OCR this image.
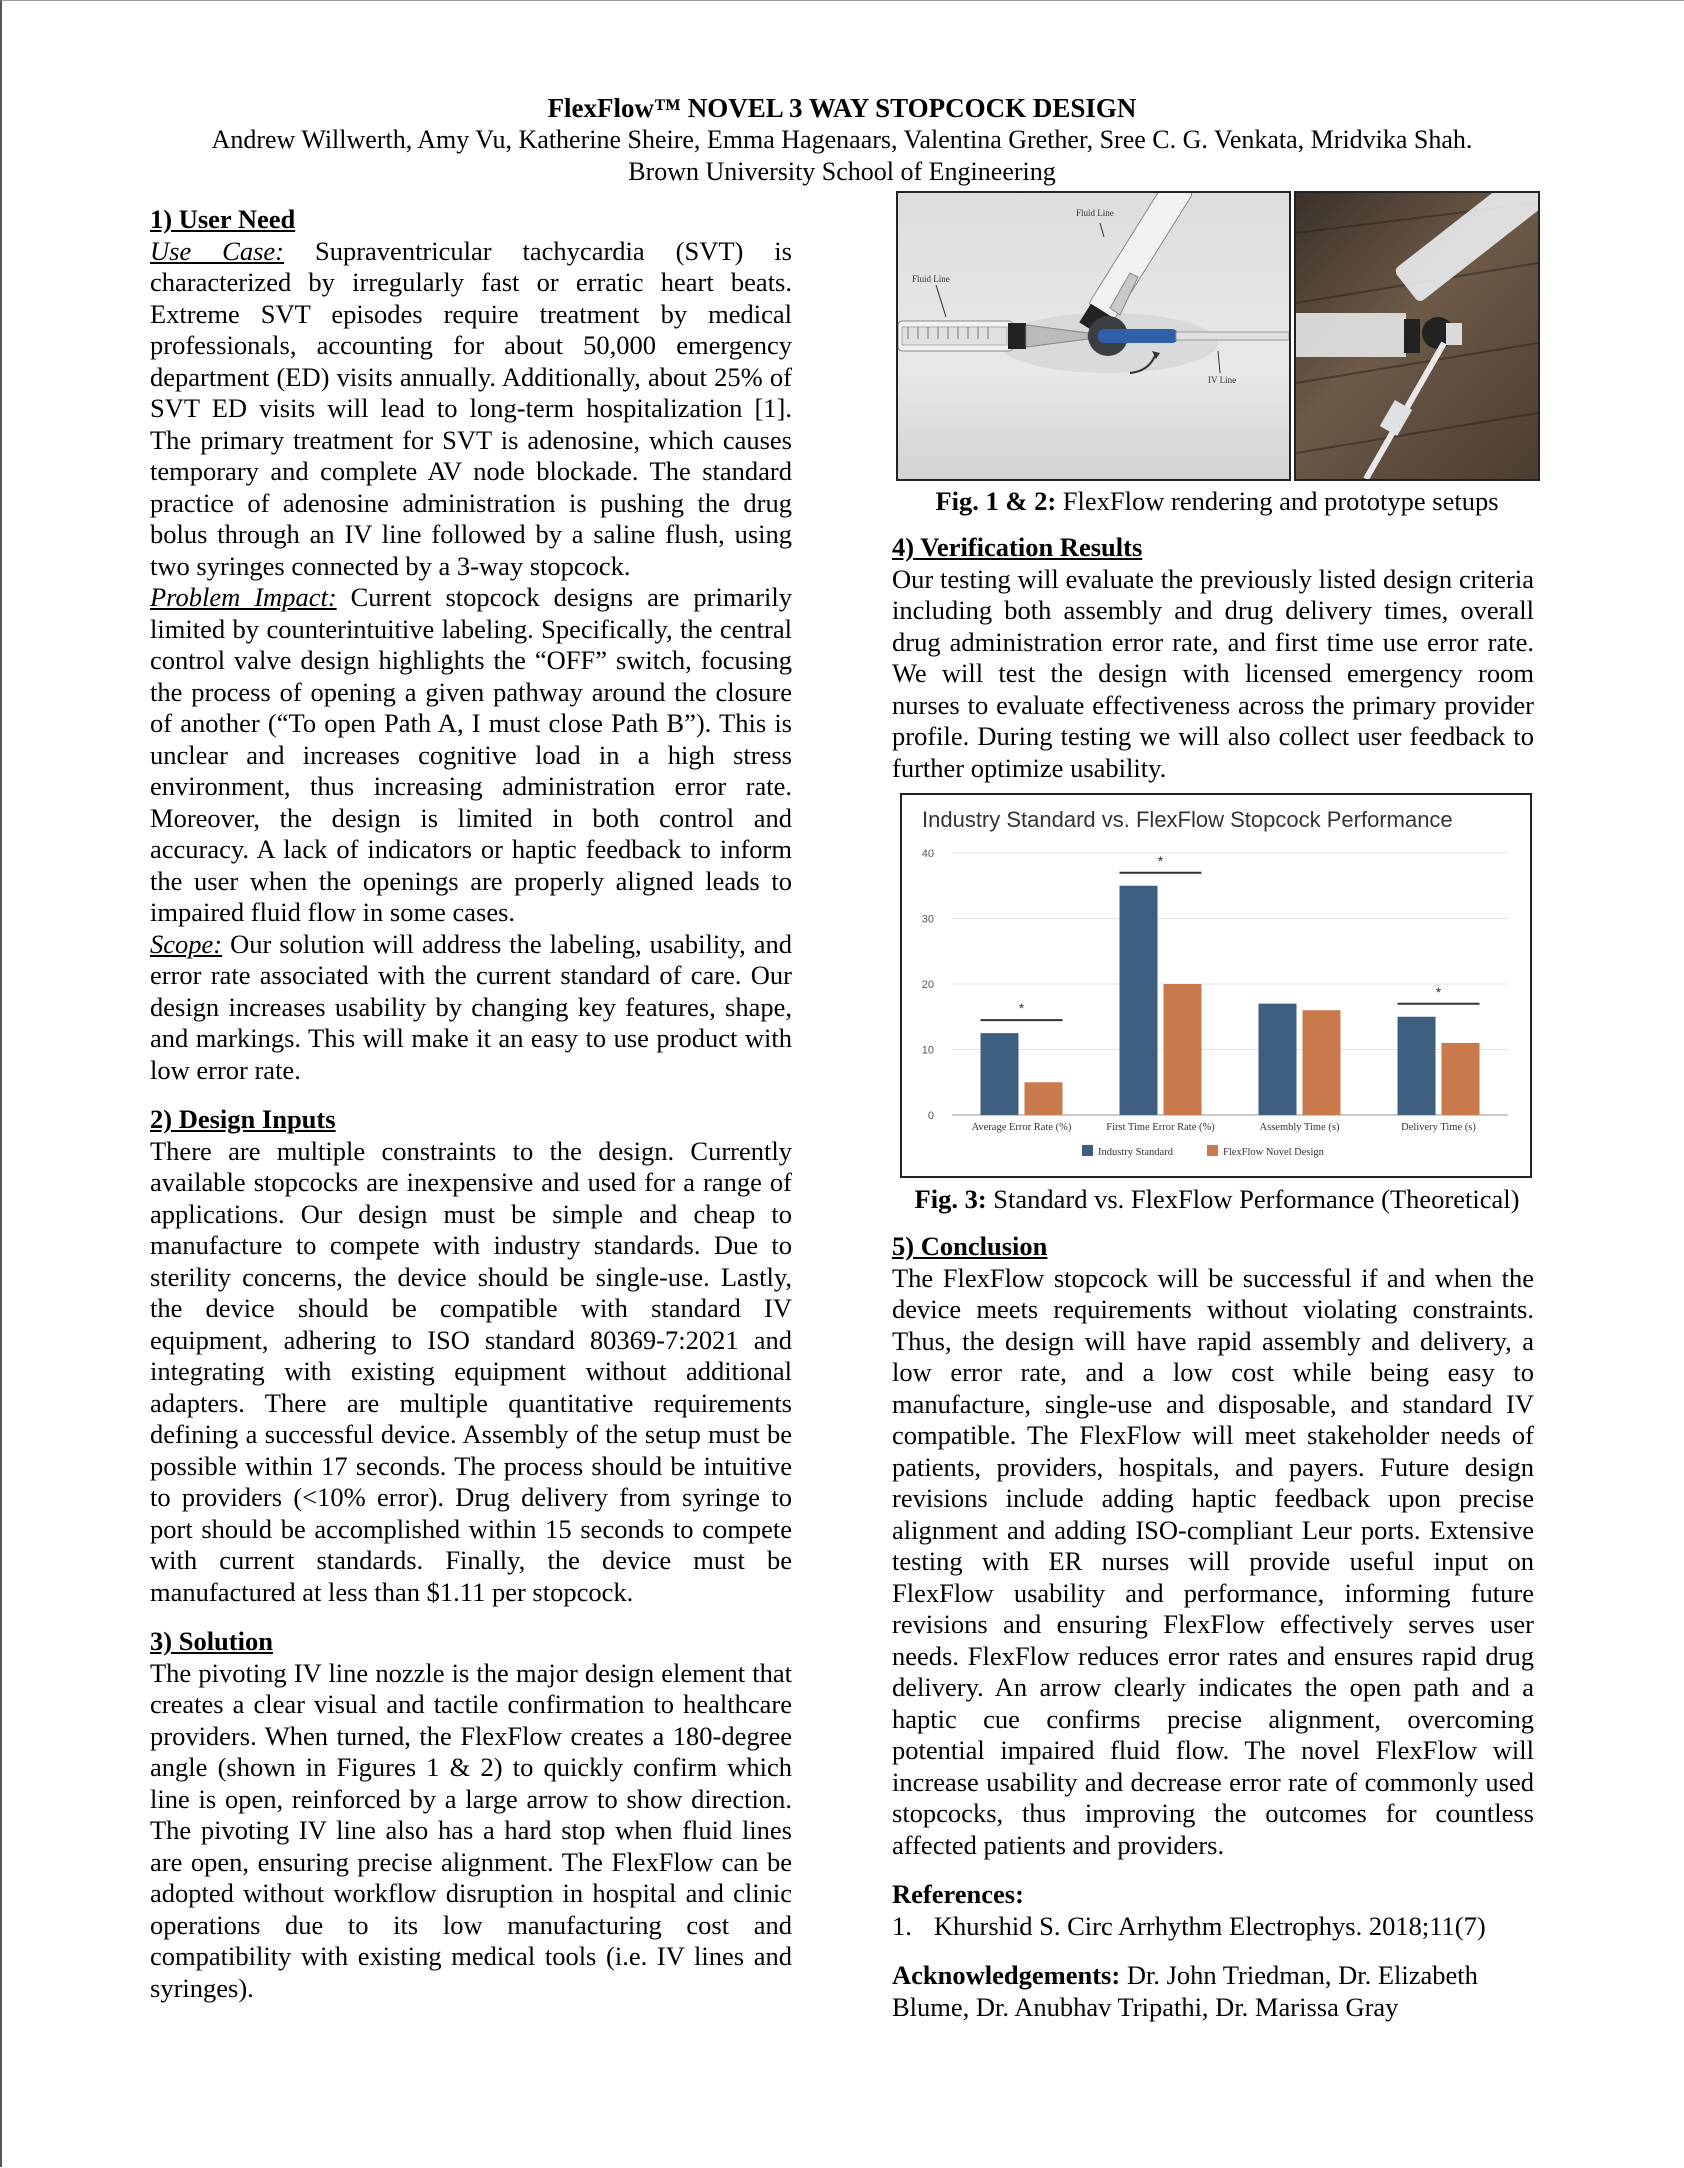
FlexFlow™ NOVEL 3 WAY STOPCOCK DESIGN
Andrew Willwerth, Amy Vu, Katherine Sheire, Emma Hagenaars, Valentina Grether, Sree C. G. Venkata, Mridvika Shah.
Brown University School of Engineering
1) User Need

Use Case: Supraventricular tachycardia (SVT) is characterized by irregularly fast or erratic heart beats. Extreme SVT episodes require treatment by medical professionals, accounting for about 50,000 emergency department (ED) visits annually. Additionally, about 25% of SVT ED visits will lead to long-term hospitalization [1]. The primary treatment for SVT is adenosine, which causes temporary and complete AV node blockade. The standard practice of adenosine administration is pushing the drug bolus through an IV line followed by a saline flush, using two syringes connected by a 3-way stopcock.

Problem Impact: Current stopcock designs are primarily limited by counterintuitive labeling. Specifically, the central control valve design highlights the “OFF” switch, focusing the process of opening a given pathway around the closure of another (“To open Path A, I must close Path B”). This is unclear and increases cognitive load in a high stress environment, thus increasing administration error rate. Moreover, the design is limited in both control and accuracy. A lack of indicators or haptic feedback to inform the user when the openings are properly aligned leads to impaired fluid flow in some cases.

Scope: Our solution will address the labeling, usability, and error rate associated with the current standard of care. Our design increases usability by changing key features, shape, and markings. This will make it an easy to use product with low error rate.

2) Design Inputs

There are multiple constraints to the design. Currently available stopcocks are inexpensive and used for a range of applications. Our design must be simple and cheap to manufacture to compete with industry standards. Due to sterility concerns, the device should be single-use. Lastly, the device should be compatible with standard IV equipment, adhering to ISO standard 80369-7:2021 and integrating with existing equipment without additional adapters. There are multiple quantitative requirements defining a successful device. Assembly of the setup must be possible within 17 seconds. The process should be intuitive to providers (<10% error). Drug delivery from syringe to port should be accomplished within 15 seconds to compete with current standards. Finally, the device must be manufactured at less than $1.11 per stopcock.

3) Solution

The pivoting IV line nozzle is the major design element that creates a clear visual and tactile confirmation to healthcare providers. When turned, the FlexFlow creates a 180-degree angle (shown in Figures 1 & 2) to quickly confirm which line is open, reinforced by a large arrow to show direction. The pivoting IV line also has a hard stop when fluid lines are open, ensuring precise alignment. The FlexFlow can be adopted without workflow disruption in hospital and clinic operations due to its low manufacturing cost and compatibility with existing medical tools (i.e. IV lines and syringes).

Fluid Line
Fluid Line
IV Line
Fig. 1 & 2: FlexFlow rendering and prototype setups
4) Verification Results

Our testing will evaluate the previously listed design criteria including both assembly and drug delivery times, overall drug administration error rate, and first time use error rate. We will test the design with licensed emergency room nurses to evaluate effectiveness across the primary provider profile. During testing we will also collect user feedback to further optimize usability.

Industry Standard vs. FlexFlow Stopcock Performance
0
10
20
30
40
*
Average Error Rate (%)
*
First Time Error Rate (%)	Assembly Time (s)
*
Delivery Time (s)
Industry Standard	FlexFlow Novel Design
Fig. 3: Standard vs. FlexFlow Performance (Theoretical)
5) Conclusion

The FlexFlow stopcock will be successful if and when the device meets requirements without violating constraints. Thus, the design will have rapid assembly and delivery, a low error rate, and a low cost while being easy to manufacture, single-use and disposable, and standard IV compatible. The FlexFlow will meet stakeholder needs of patients, providers, hospitals, and payers. Future design revisions include adding haptic feedback upon precise alignment and adding ISO-compliant Leur ports. Extensive testing with ER nurses will provide useful input on FlexFlow usability and performance, informing future revisions and ensuring FlexFlow effectively serves user needs. FlexFlow reduces error rates and ensures rapid drug delivery. An arrow clearly indicates the open path and a haptic cue confirms precise alignment, overcoming potential impaired fluid flow. The novel FlexFlow will increase usability and decrease error rate of commonly used stopcocks, thus improving the outcomes for countless affected patients and providers.

References:
1. Khurshid S. Circ Arrhythm Electrophys. 2018;11(7)

Acknowledgements: Dr. John Triedman, Dr. Elizabeth Blume, Dr. Anubhav Tripathi, Dr. Marissa Gray
